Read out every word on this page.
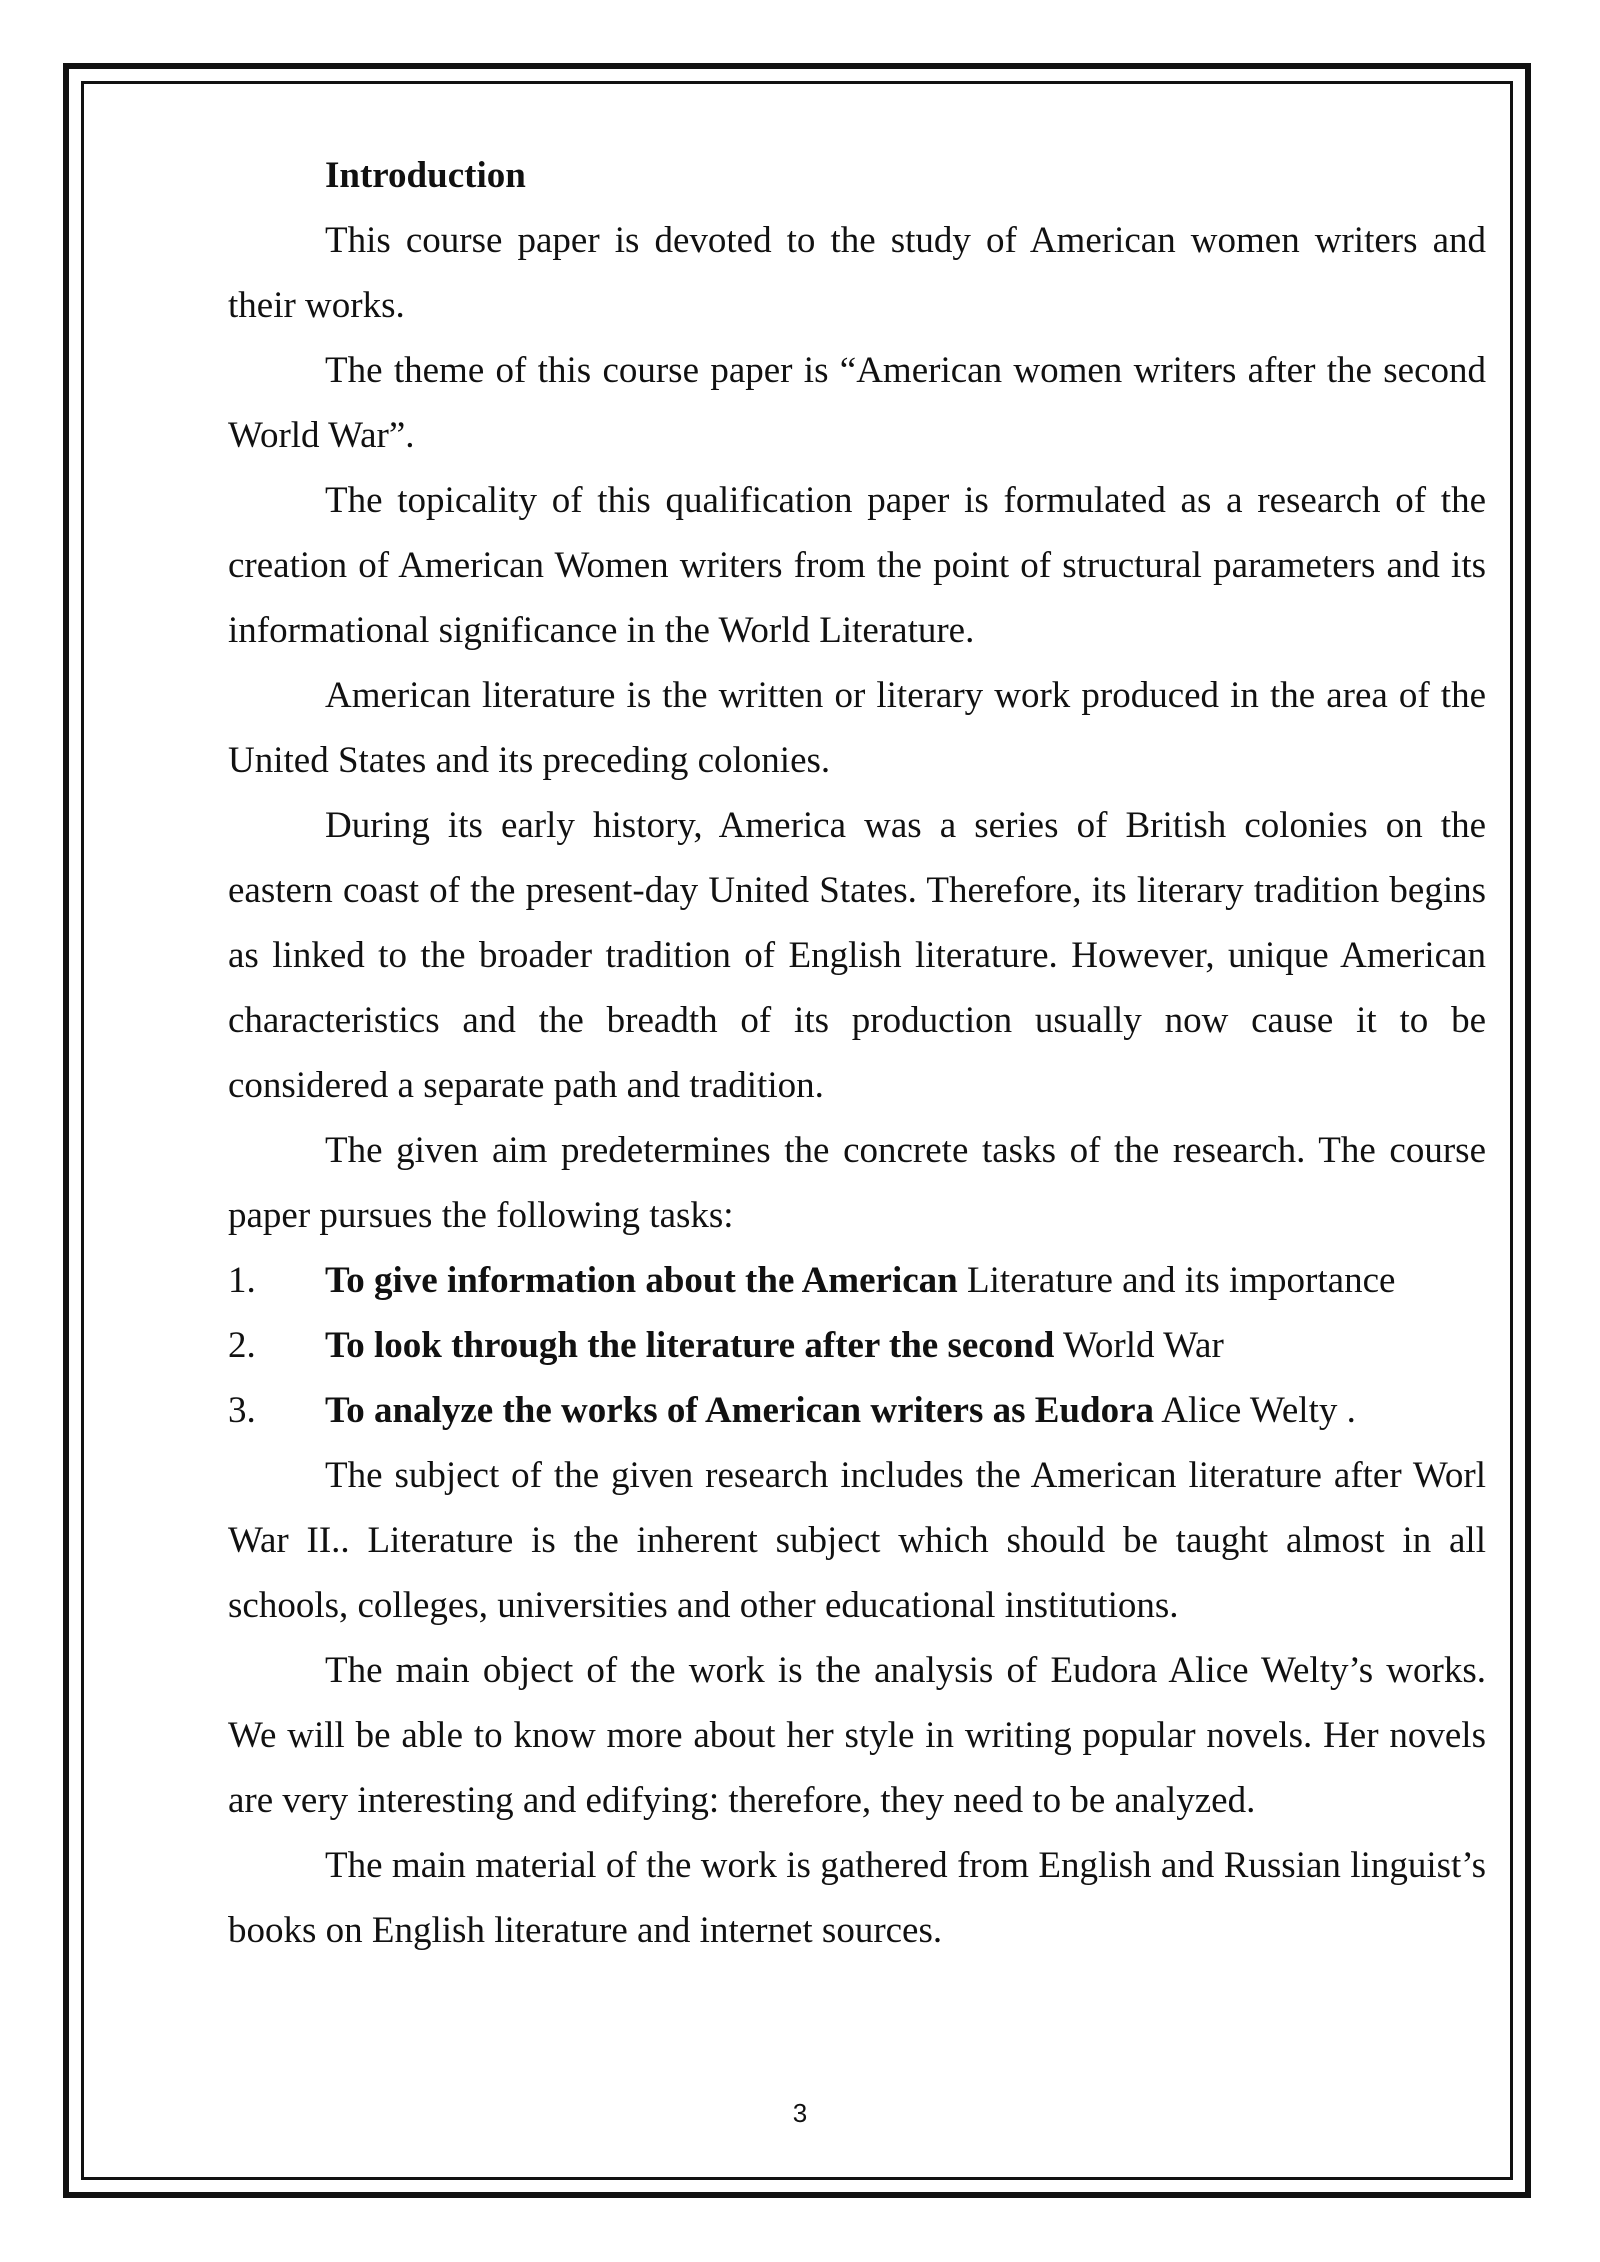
Introduction

This course paper is devoted to the study of American women writers and their works.

The theme of this course paper is “American women writers after the second World War”.

The topicality of this qualification paper is formulated as a research of the creation of American Women writers from the point of structural parameters and its informational significance in the World Literature.

American literature is the written or literary work produced in the area of the United States and its preceding colonies.

During its early history, America was a series of British colonies on the eastern coast of the present-day United States. Therefore, its literary tradition begins as linked to the broader tradition of English literature. However, unique American characteristics and the breadth of its production usually now cause it to be considered a separate path and tradition.

The given aim predetermines the concrete tasks of the research. The course paper pursues the following tasks:

1. To give information about the American Literature and its importance

2. To look through the literature after the second World War

3. To analyze the works of American writers as Eudora Alice Welty .

The subject of the given research includes the American literature after Worl War II.. Literature is the inherent subject which should be taught almost in all schools, colleges, universities and other educational institutions.

The main object of the work is the analysis of Eudora Alice Welty’s works. We will be able to know more about her style in writing popular novels. Her novels are very interesting and edifying: therefore, they need to be analyzed.

The main material of the work is gathered from English and Russian linguist’s books on English literature and internet sources.

3
